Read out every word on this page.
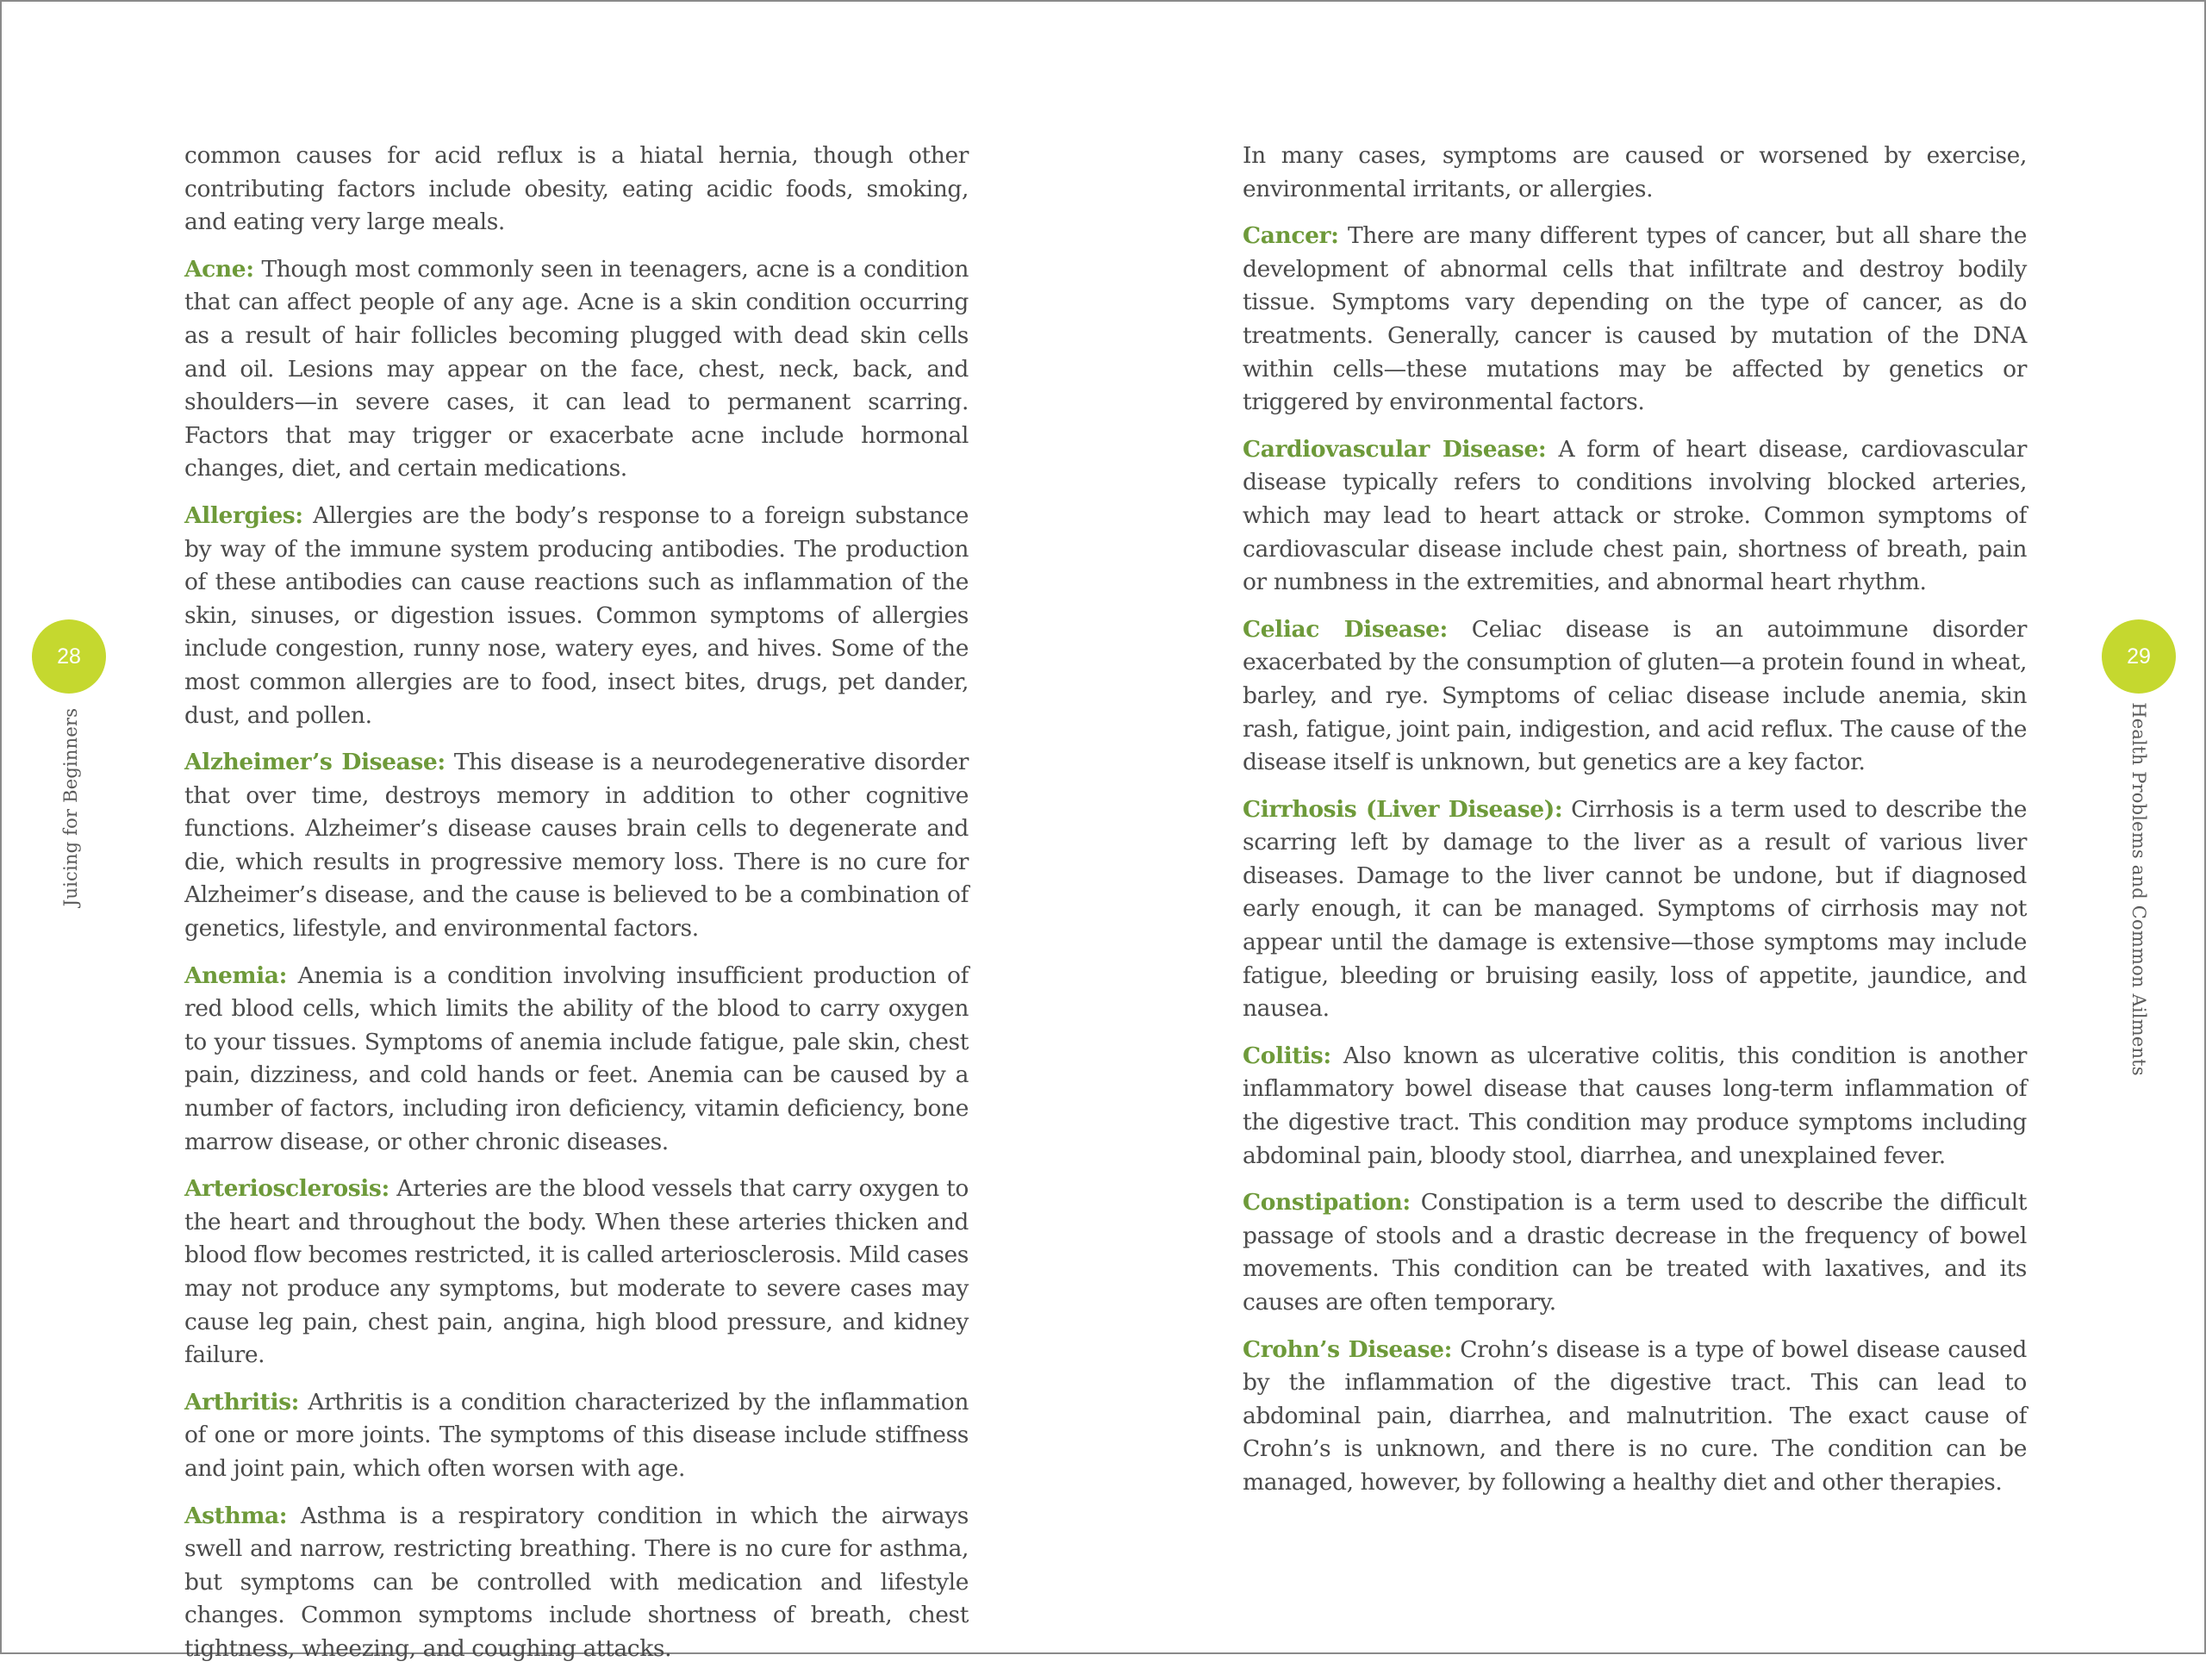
28
Juicing for Beginners

common causes for acid reflux is a hiatal hernia, though other contributing factors include obesity, eating acidic foods, smoking, and eating very large meals.

Acne: Though most commonly seen in teenagers, acne is a condition that can affect people of any age. Acne is a skin condition occurring as a result of hair follicles becoming plugged with dead skin cells and oil. Lesions may appear on the face, chest, neck, back, and shoulders—in severe cases, it can lead to permanent scarring. Factors that may trigger or exacerbate acne include hormonal changes, diet, and certain medications.

Allergies: Allergies are the body’s response to a foreign substance by way of the immune system producing antibodies. The production of these antibodies can cause reactions such as inflammation of the skin, sinuses, or digestion issues. Common symptoms of allergies include congestion, runny nose, watery eyes, and hives. Some of the most common allergies are to food, insect bites, drugs, pet dander, dust, and pollen.

Alzheimer’s Disease: This disease is a neurodegenerative disorder that over time, destroys memory in addition to other cognitive functions. Alzheimer’s disease causes brain cells to degenerate and die, which results in progressive memory loss. There is no cure for Alzheimer’s disease, and the cause is believed to be a combination of genetics, lifestyle, and environmental factors.

Anemia: Anemia is a condition involving insufficient production of red blood cells, which limits the ability of the blood to carry oxygen to your tissues. Symptoms of anemia include fatigue, pale skin, chest pain, dizziness, and cold hands or feet. Anemia can be caused by a number of factors, including iron deficiency, vitamin deficiency, bone marrow disease, or other chronic diseases.

Arteriosclerosis: Arteries are the blood vessels that carry oxygen to the heart and throughout the body. When these arteries thicken and blood flow becomes restricted, it is called arteriosclerosis. Mild cases may not produce any symptoms, but moderate to severe cases may cause leg pain, chest pain, angina, high blood pressure, and kidney failure.

Arthritis: Arthritis is a condition characterized by the inflammation of one or more joints. The symptoms of this disease include stiffness and joint pain, which often worsen with age.

Asthma: Asthma is a respiratory condition in which the airways swell and narrow, restricting breathing. There is no cure for asthma, but symptoms can be controlled with medication and lifestyle changes. Common symptoms include shortness of breath, chest tightness, wheezing, and coughing attacks.

29
Health Problems and Common Ailments

In many cases, symptoms are caused or worsened by exercise, environmental irritants, or allergies.

Cancer: There are many different types of cancer, but all share the development of abnormal cells that infiltrate and destroy bodily tissue. Symptoms vary depending on the type of cancer, as do treatments. Generally, cancer is caused by mutation of the DNA within cells—these mutations may be affected by genetics or triggered by environmental factors.

Cardiovascular Disease: A form of heart disease, cardiovascular disease typically refers to conditions involving blocked arteries, which may lead to heart attack or stroke. Common symptoms of cardiovascular disease include chest pain, shortness of breath, pain or numbness in the extremities, and abnormal heart rhythm.

Celiac Disease: Celiac disease is an autoimmune disorder exacerbated by the consumption of gluten—a protein found in wheat, barley, and rye. Symptoms of celiac disease include anemia, skin rash, fatigue, joint pain, indigestion, and acid reflux. The cause of the disease itself is unknown, but genetics are a key factor.

Cirrhosis (Liver Disease): Cirrhosis is a term used to describe the scarring left by damage to the liver as a result of various liver diseases. Damage to the liver cannot be undone, but if diagnosed early enough, it can be managed. Symptoms of cirrhosis may not appear until the damage is extensive—those symptoms may include fatigue, bleeding or bruising easily, loss of appetite, jaundice, and nausea.

Colitis: Also known as ulcerative colitis, this condition is another inflammatory bowel disease that causes long-term inflammation of the digestive tract. This condition may produce symptoms including abdominal pain, bloody stool, diarrhea, and unexplained fever.

Constipation: Constipation is a term used to describe the difficult passage of stools and a drastic decrease in the frequency of bowel movements. This condition can be treated with laxatives, and its causes are often temporary.

Crohn’s Disease: Crohn’s disease is a type of bowel disease caused by the inflammation of the digestive tract. This can lead to abdominal pain, diarrhea, and malnutrition. The exact cause of Crohn’s is unknown, and there is no cure. The condition can be managed, however, by following a healthy diet and other therapies.
